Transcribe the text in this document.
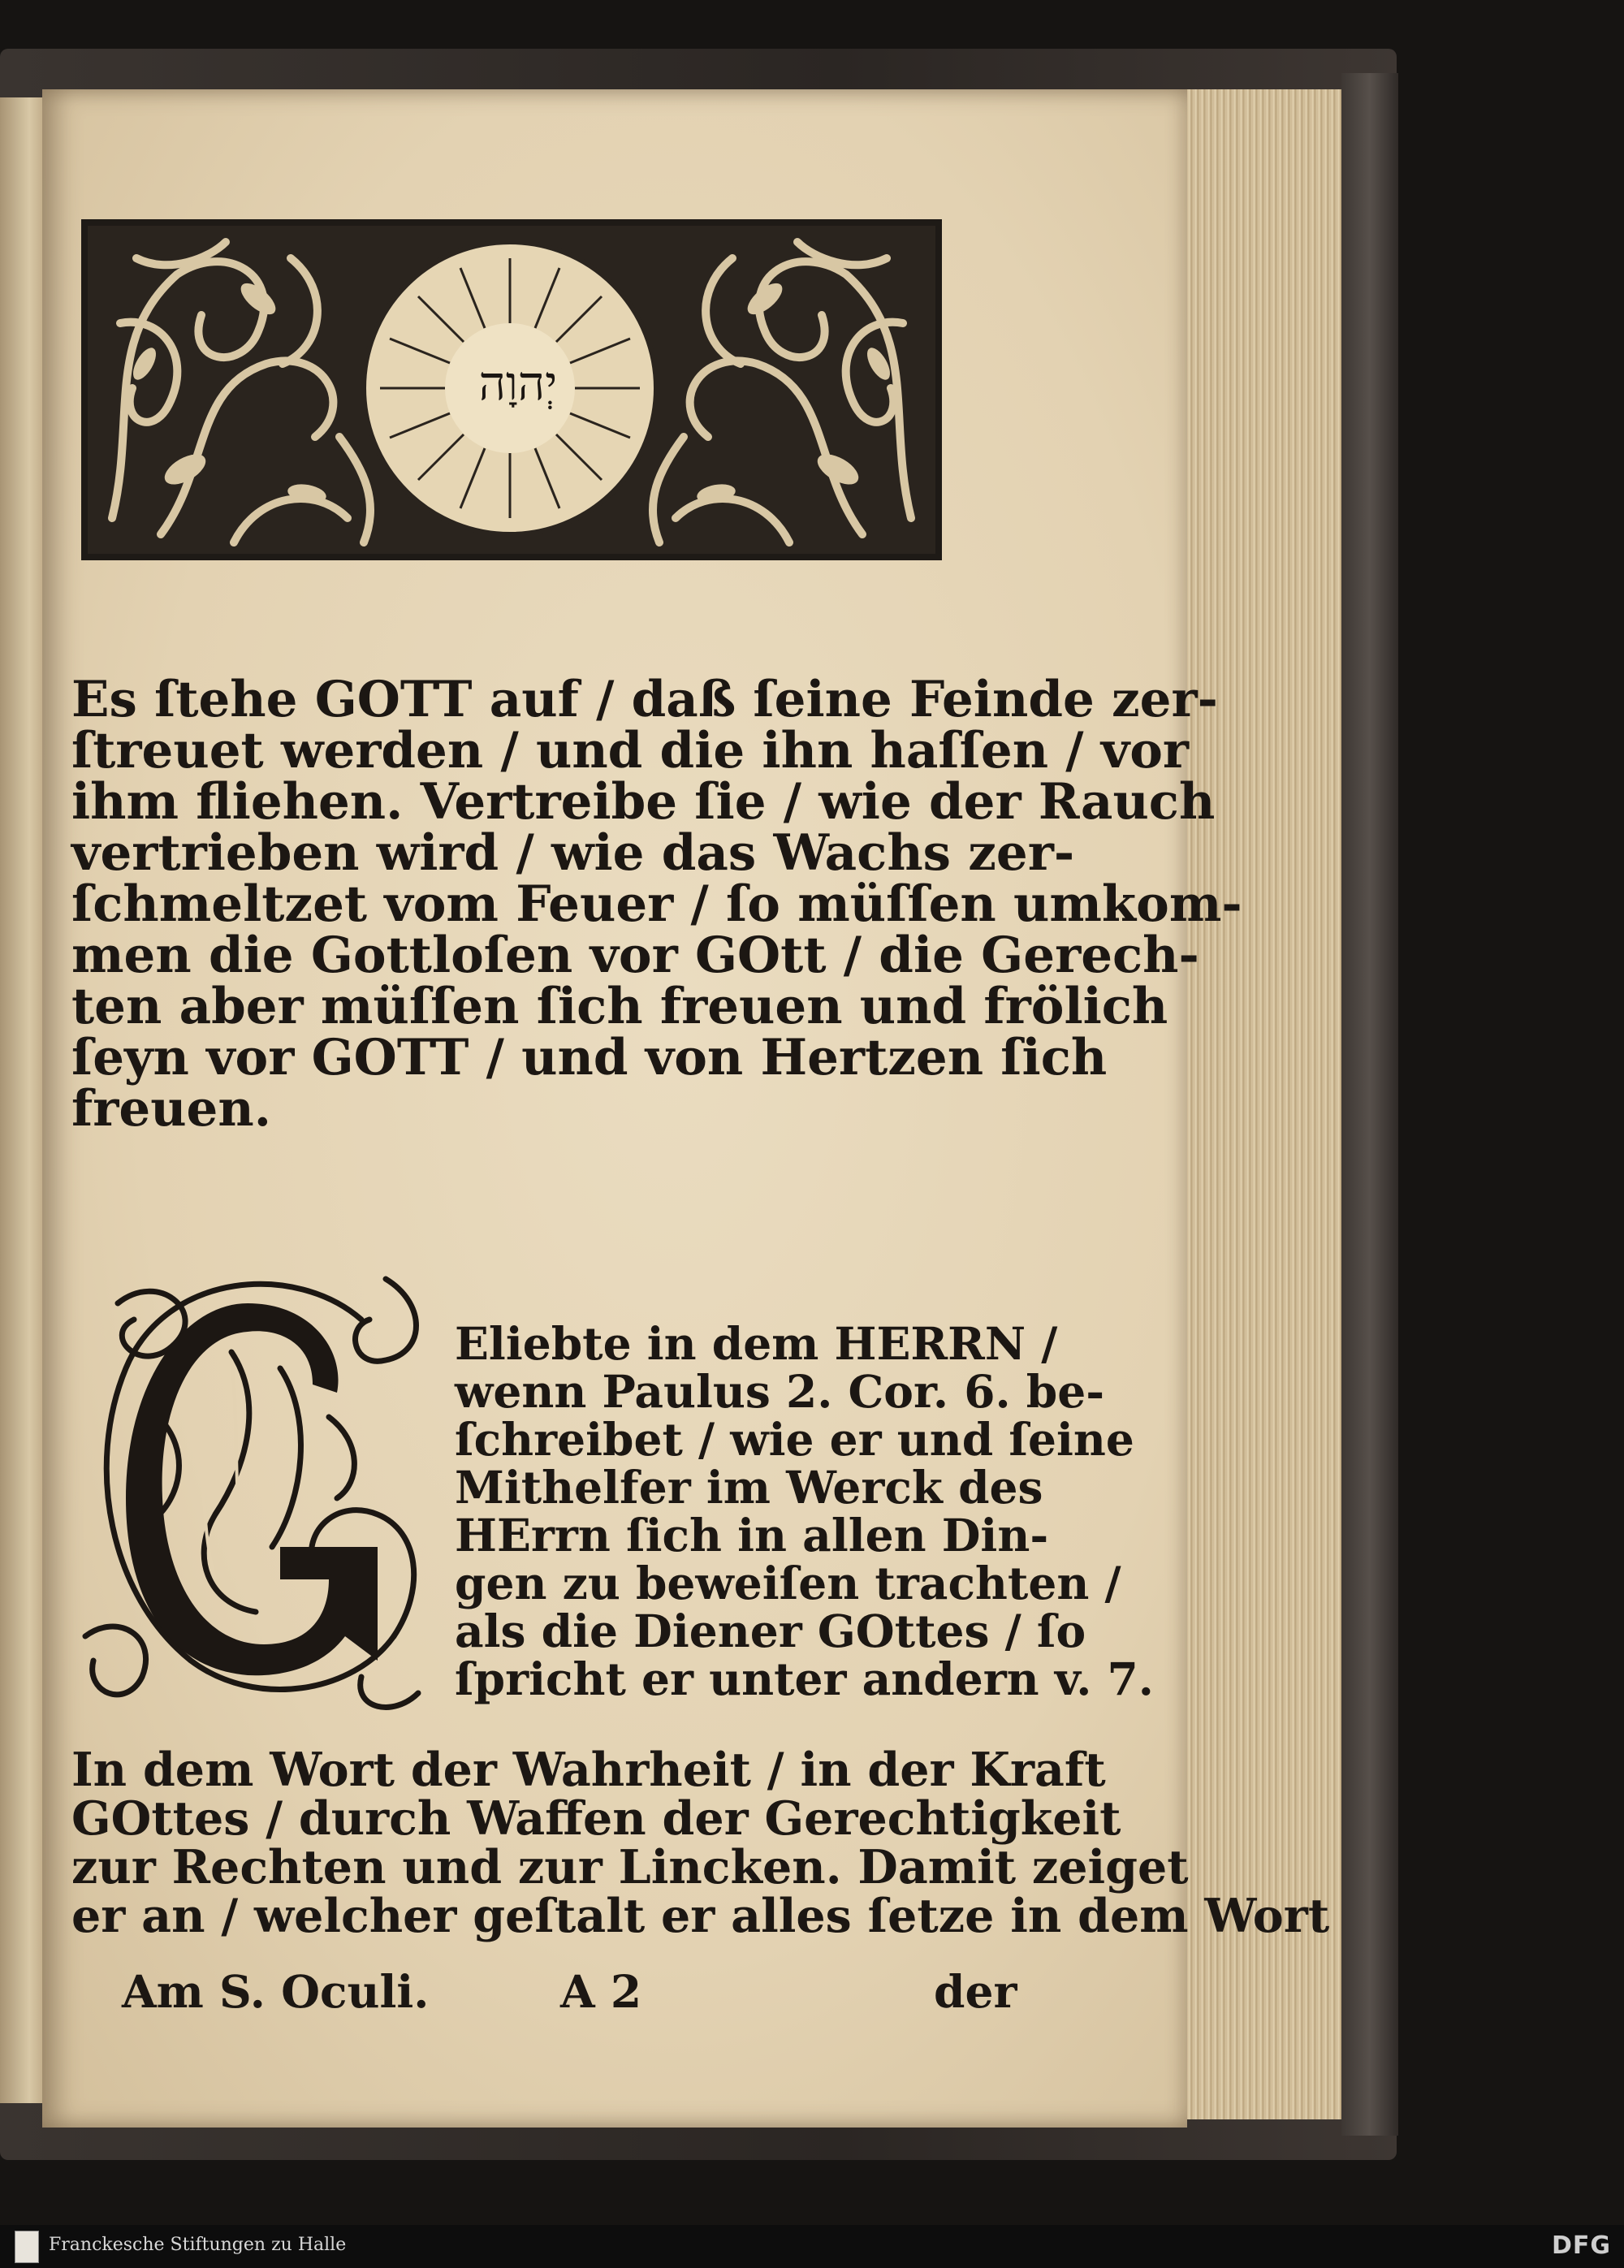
יְהוָה
Es ſtehe GOTT auf / daß ſeine Feinde zer-
ſtreuet werden / und die ihn haſſen / vor
ihm fliehen. Vertreibe ſie / wie der Rauch
vertrieben wird / wie das Wachs zer-
ſchmeltzet vom Feuer / ſo müſſen umkom-
men die Gottloſen vor GOtt / die Gerech-
ten aber müſſen ſich freuen und frölich
ſeyn vor GOTT / und von Hertzen ſich
freuen.
Eliebte in dem HERRN /
wenn Paulus 2. Cor. 6. be-
ſchreibet / wie er und ſeine
Mithelfer im Werck des
HErrn ſich in allen Din-
gen zu beweiſen trachten /
als die Diener GOttes / ſo
ſpricht er unter andern v. 7.
In dem Wort der Wahrheit / in der Kraft
GOttes / durch Waffen der Gerechtigkeit
zur Rechten und zur Lincken. Damit zeiget
er an / welcher geſtalt er alles ſetze in dem Wort
Am S. Oculi.	A 2	der
Franckesche Stiftungen zu Halle	DFG
